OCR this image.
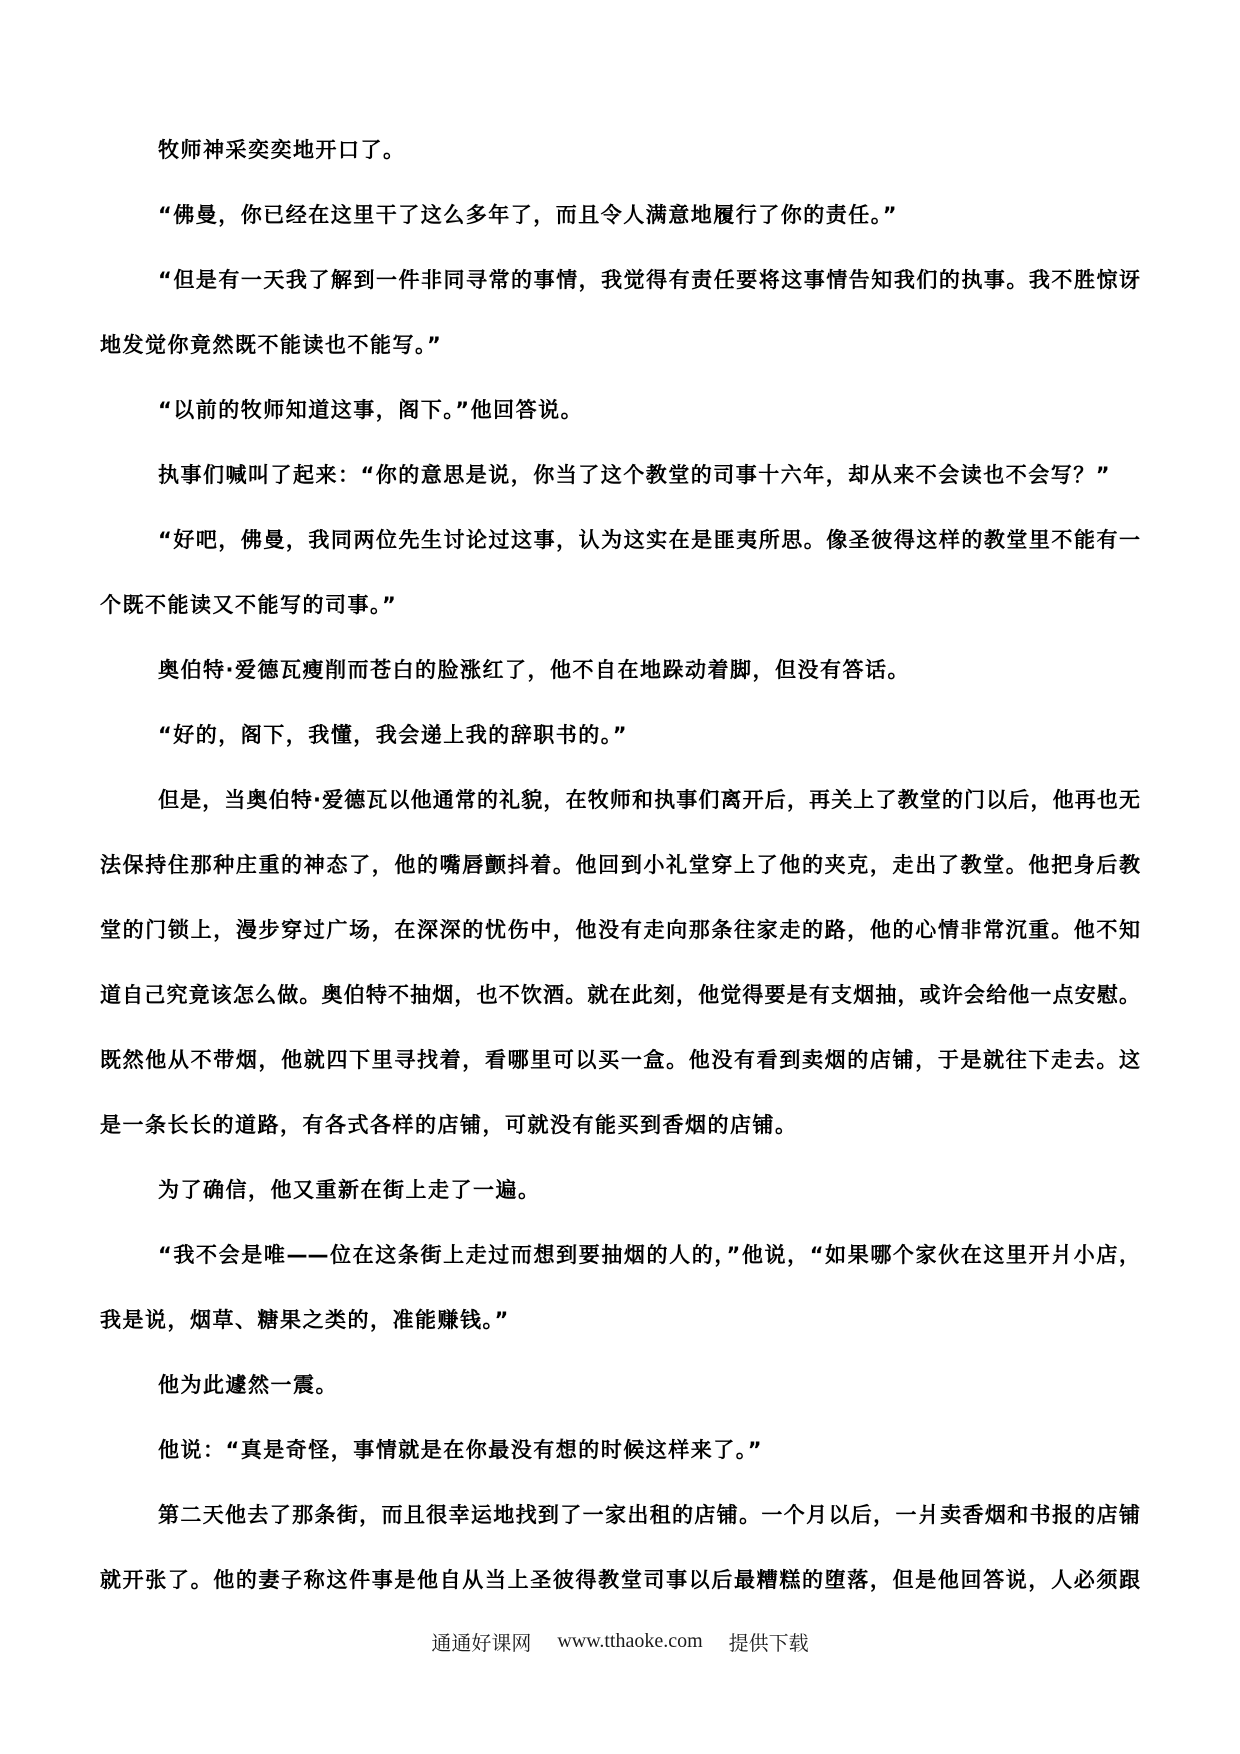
牧师神采奕奕地开口了。
“佛曼，你已经在这里干了这么多年了，而且令人满意地履行了你的责任。”
“但是有一天我了解到一件非同寻常的事情，我觉得有责任要将这事情告知我们的执事。我不胜惊讶
地发觉你竟然既不能读也不能写。”
“以前的牧师知道这事，阁下。”他回答说。
执事们喊叫了起来：“你的意思是说，你当了这个教堂的司事十六年，却从来不会读也不会写？”
“好吧，佛曼，我同两位先生讨论过这事，认为这实在是匪夷所思。像圣彼得这样的教堂里不能有一
个既不能读又不能写的司事。”
奥伯特·爱德瓦瘦削而苍白的脸涨红了，他不自在地跺动着脚，但没有答话。
“好的，阁下，我懂，我会递上我的辞职书的。”
但是，当奥伯特·爱德瓦以他通常的礼貌，在牧师和执事们离开后，再关上了教堂的门以后，他再也无
法保持住那种庄重的神态了，他的嘴唇颤抖着。他回到小礼堂穿上了他的夹克，走出了教堂。他把身后教
堂的门锁上，漫步穿过广场，在深深的忧伤中，他没有走向那条往家走的路，他的心情非常沉重。他不知
道自己究竟该怎么做。奥伯特不抽烟，也不饮酒。就在此刻，他觉得要是有支烟抽，或许会给他一点安慰。
既然他从不带烟，他就四下里寻找着，看哪里可以买一盒。他没有看到卖烟的店铺，于是就往下走去。这
是一条长长的道路，有各式各样的店铺，可就没有能买到香烟的店铺。
为了确信，他又重新在街上走了一遍。
“我不会是唯——位在这条街上走过而想到要抽烟的人的，”他说，“如果哪个家伙在这里开爿小店，
我是说，烟草、糖果之类的，准能赚钱。”
他为此遽然一震。
他说：“真是奇怪，事情就是在你最没有想的时候这样来了。”
第二天他去了那条街，而且很幸运地找到了一家出租的店铺。一个月以后，一爿卖香烟和书报的店铺
就开张了。他的妻子称这件事是他自从当上圣彼得教堂司事以后最糟糕的堕落，但是他回答说，人必须跟
通通好课网 www.tthaoke.com 提供下载
